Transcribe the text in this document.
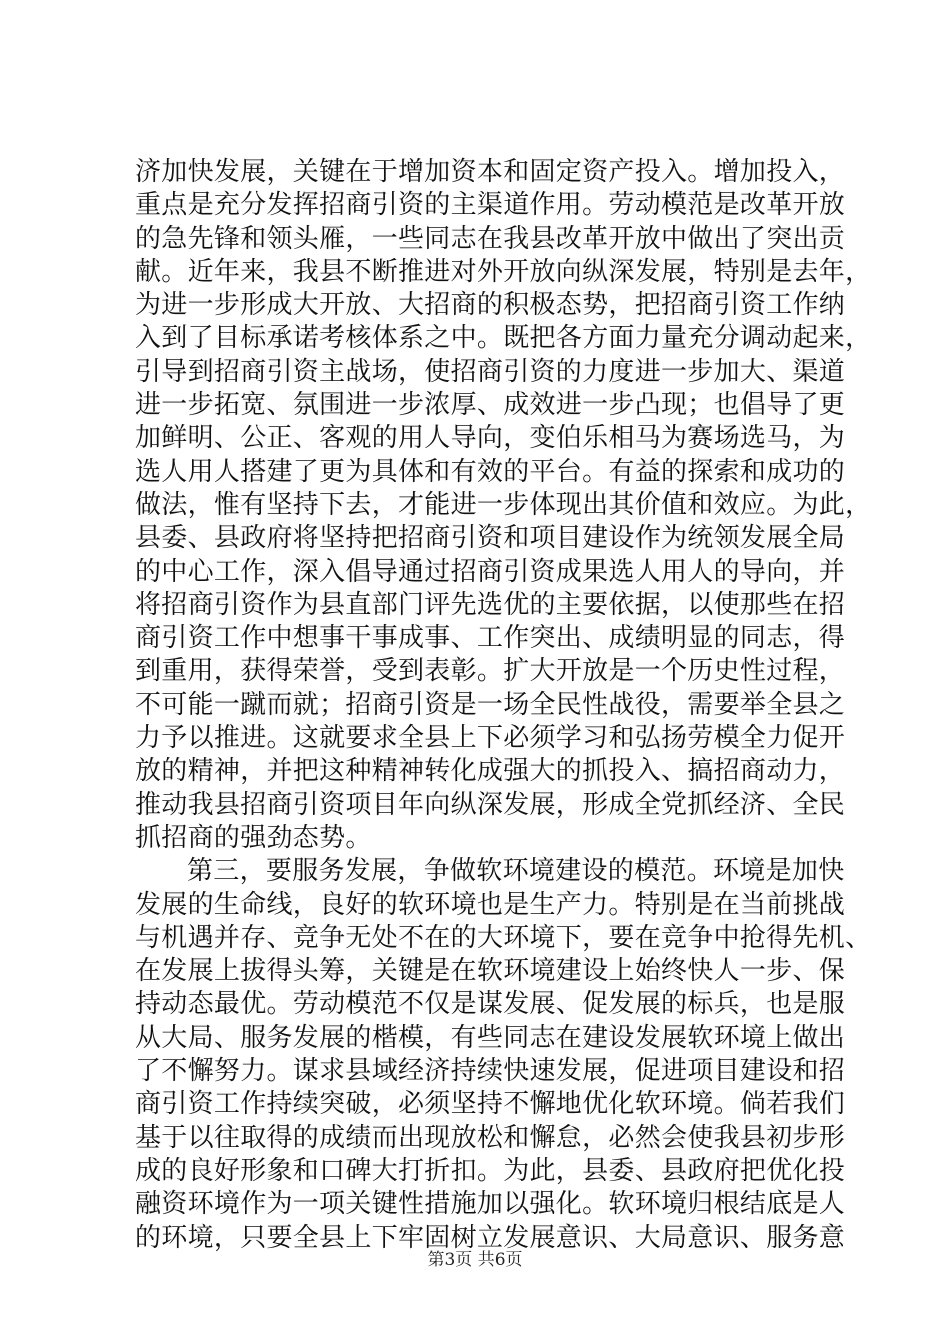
济加快发展，关键在于增加资本和固定资产投入。增加投入，
重点是充分发挥招商引资的主渠道作用。劳动模范是改革开放
的急先锋和领头雁，一些同志在我县改革开放中做出了突出贡
献。近年来，我县不断推进对外开放向纵深发展，特别是去年，
为进一步形成大开放、大招商的积极态势，把招商引资工作纳
入到了目标承诺考核体系之中。既把各方面力量充分调动起来，
引导到招商引资主战场，使招商引资的力度进一步加大、渠道
进一步拓宽、氛围进一步浓厚、成效进一步凸现；也倡导了更
加鲜明、公正、客观的用人导向，变伯乐相马为赛场选马，为
选人用人搭建了更为具体和有效的平台。有益的探索和成功的
做法，惟有坚持下去，才能进一步体现出其价值和效应。为此，
县委、县政府将坚持把招商引资和项目建设作为统领发展全局
的中心工作，深入倡导通过招商引资成果选人用人的导向，并
将招商引资作为县直部门评先选优的主要依据，以使那些在招
商引资工作中想事干事成事、工作突出、成绩明显的同志，得
到重用，获得荣誉，受到表彰。扩大开放是一个历史性过程，
不可能一蹴而就；招商引资是一场全民性战役，需要举全县之
力予以推进。这就要求全县上下必须学习和弘扬劳模全力促开
放的精神，并把这种精神转化成强大的抓投入、搞招商动力，
推动我县招商引资项目年向纵深发展，形成全党抓经济、全民
抓招商的强劲态势。
第三，要服务发展，争做软环境建设的模范。环境是加快
发展的生命线，良好的软环境也是生产力。特别是在当前挑战
与机遇并存、竞争无处不在的大环境下，要在竞争中抢得先机、
在发展上拔得头筹，关键是在软环境建设上始终快人一步、保
持动态最优。劳动模范不仅是谋发展、促发展的标兵，也是服
从大局、服务发展的楷模，有些同志在建设发展软环境上做出
了不懈努力。谋求县域经济持续快速发展，促进项目建设和招
商引资工作持续突破，必须坚持不懈地优化软环境。倘若我们
基于以往取得的成绩而出现放松和懈怠，必然会使我县初步形
成的良好形象和口碑大打折扣。为此，县委、县政府把优化投
融资环境作为一项关键性措施加以强化。软环境归根结底是人
的环境，只要全县上下牢固树立发展意识、大局意识、服务意
第3页 共6页
